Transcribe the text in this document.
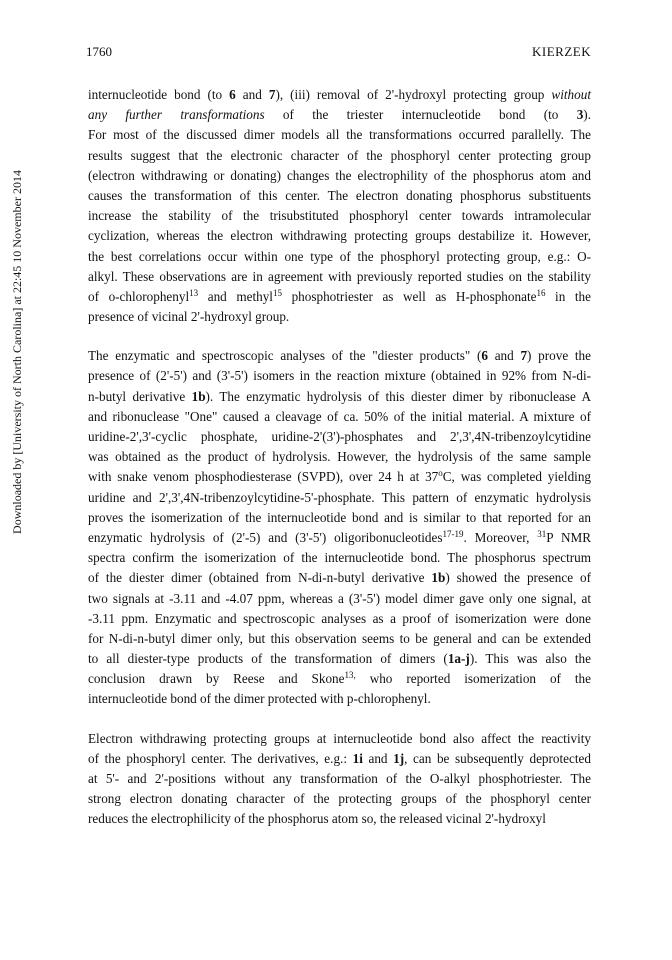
1760	KIERZEK
Downloaded by [University of North Carolina] at 22:45 10 November 2014
internucleotide bond (to 6 and 7), (iii) removal of 2'-hydroxyl protecting group without
any further transformations of the triester internucleotide bond (to 3).
For most of the discussed dimer models all the transformations occurred parallelly. The
results suggest that the electronic character of the phosphoryl center protecting group
(electron withdrawing or donating) changes the electrophility of the phosphorus atom and
causes the transformation of this center. The electron donating phosphorus substituents
increase the stability of the trisubstituted phosphoryl center towards intramolecular
cyclization, whereas the electron withdrawing protecting groups destabilize it. However,
the best correlations occur within one type of the phosphoryl protecting group, e.g.: O-
alkyl. These observations are in agreement with previously reported studies on the stability
of o-chlorophenyl$^{13}$ and methyl$^{15}$ phosphotriester as well as H-phosphonate$^{16}$ in the
presence of vicinal 2'-hydroxyl group.
The enzymatic and spectroscopic analyses of the "diester products" (6 and 7) prove the
presence of (2'-5') and (3'-5') isomers in the reaction mixture (obtained in 92% from N-di-
n-butyl derivative 1b). The enzymatic hydrolysis of this diester dimer by ribonuclease A
and ribonuclease "One" caused a cleavage of ca. 50% of the initial material. A mixture of
uridine-2',3'-cyclic phosphate, uridine-2'(3')-phosphates and 2',3',4N-tribenzoylcytidine
was obtained as the product of hydrolysis. However, the hydrolysis of the same sample
with snake venom phosphodiesterase (SVPD), over 24 h at 37$^o$C, was completed yielding
uridine and 2',3',4N-tribenzoylcytidine-5'-phosphate. This pattern of enzymatic hydrolysis
proves the isomerization of the internucleotide bond and is similar to that reported for an
enzymatic hydrolysis of (2'-5) and (3'-5') oligoribonucleotides$^{17-19}$. Moreover, $^{31}$P NMR
spectra confirm the isomerization of the internucleotide bond. The phosphorus spectrum
of the diester dimer (obtained from N-di-n-butyl derivative 1b) showed the presence of
two signals at -3.11 and -4.07 ppm, whereas a (3'-5') model dimer gave only one signal, at
-3.11 ppm. Enzymatic and spectroscopic analyses as a proof of isomerization were done
for N-di-n-butyl dimer only, but this observation seems to be general and can be extended
to all diester-type products of the transformation of dimers (1a-j). This was also the
conclusion drawn by Reese and Skone$^{13,}$ who reported isomerization of the
internucleotide bond of the dimer protected with p-chlorophenyl.
Electron withdrawing protecting groups at internucleotide bond also affect the reactivity
of the phosphoryl center. The derivatives, e.g.: 1i and 1j, can be subsequently deprotected
at 5'- and 2'-positions without any transformation of the O-alkyl phosphotriester. The
strong electron donating character of the protecting groups of the phosphoryl center
reduces the electrophilicity of the phosphorus atom so, the released vicinal 2'-hydroxyl
